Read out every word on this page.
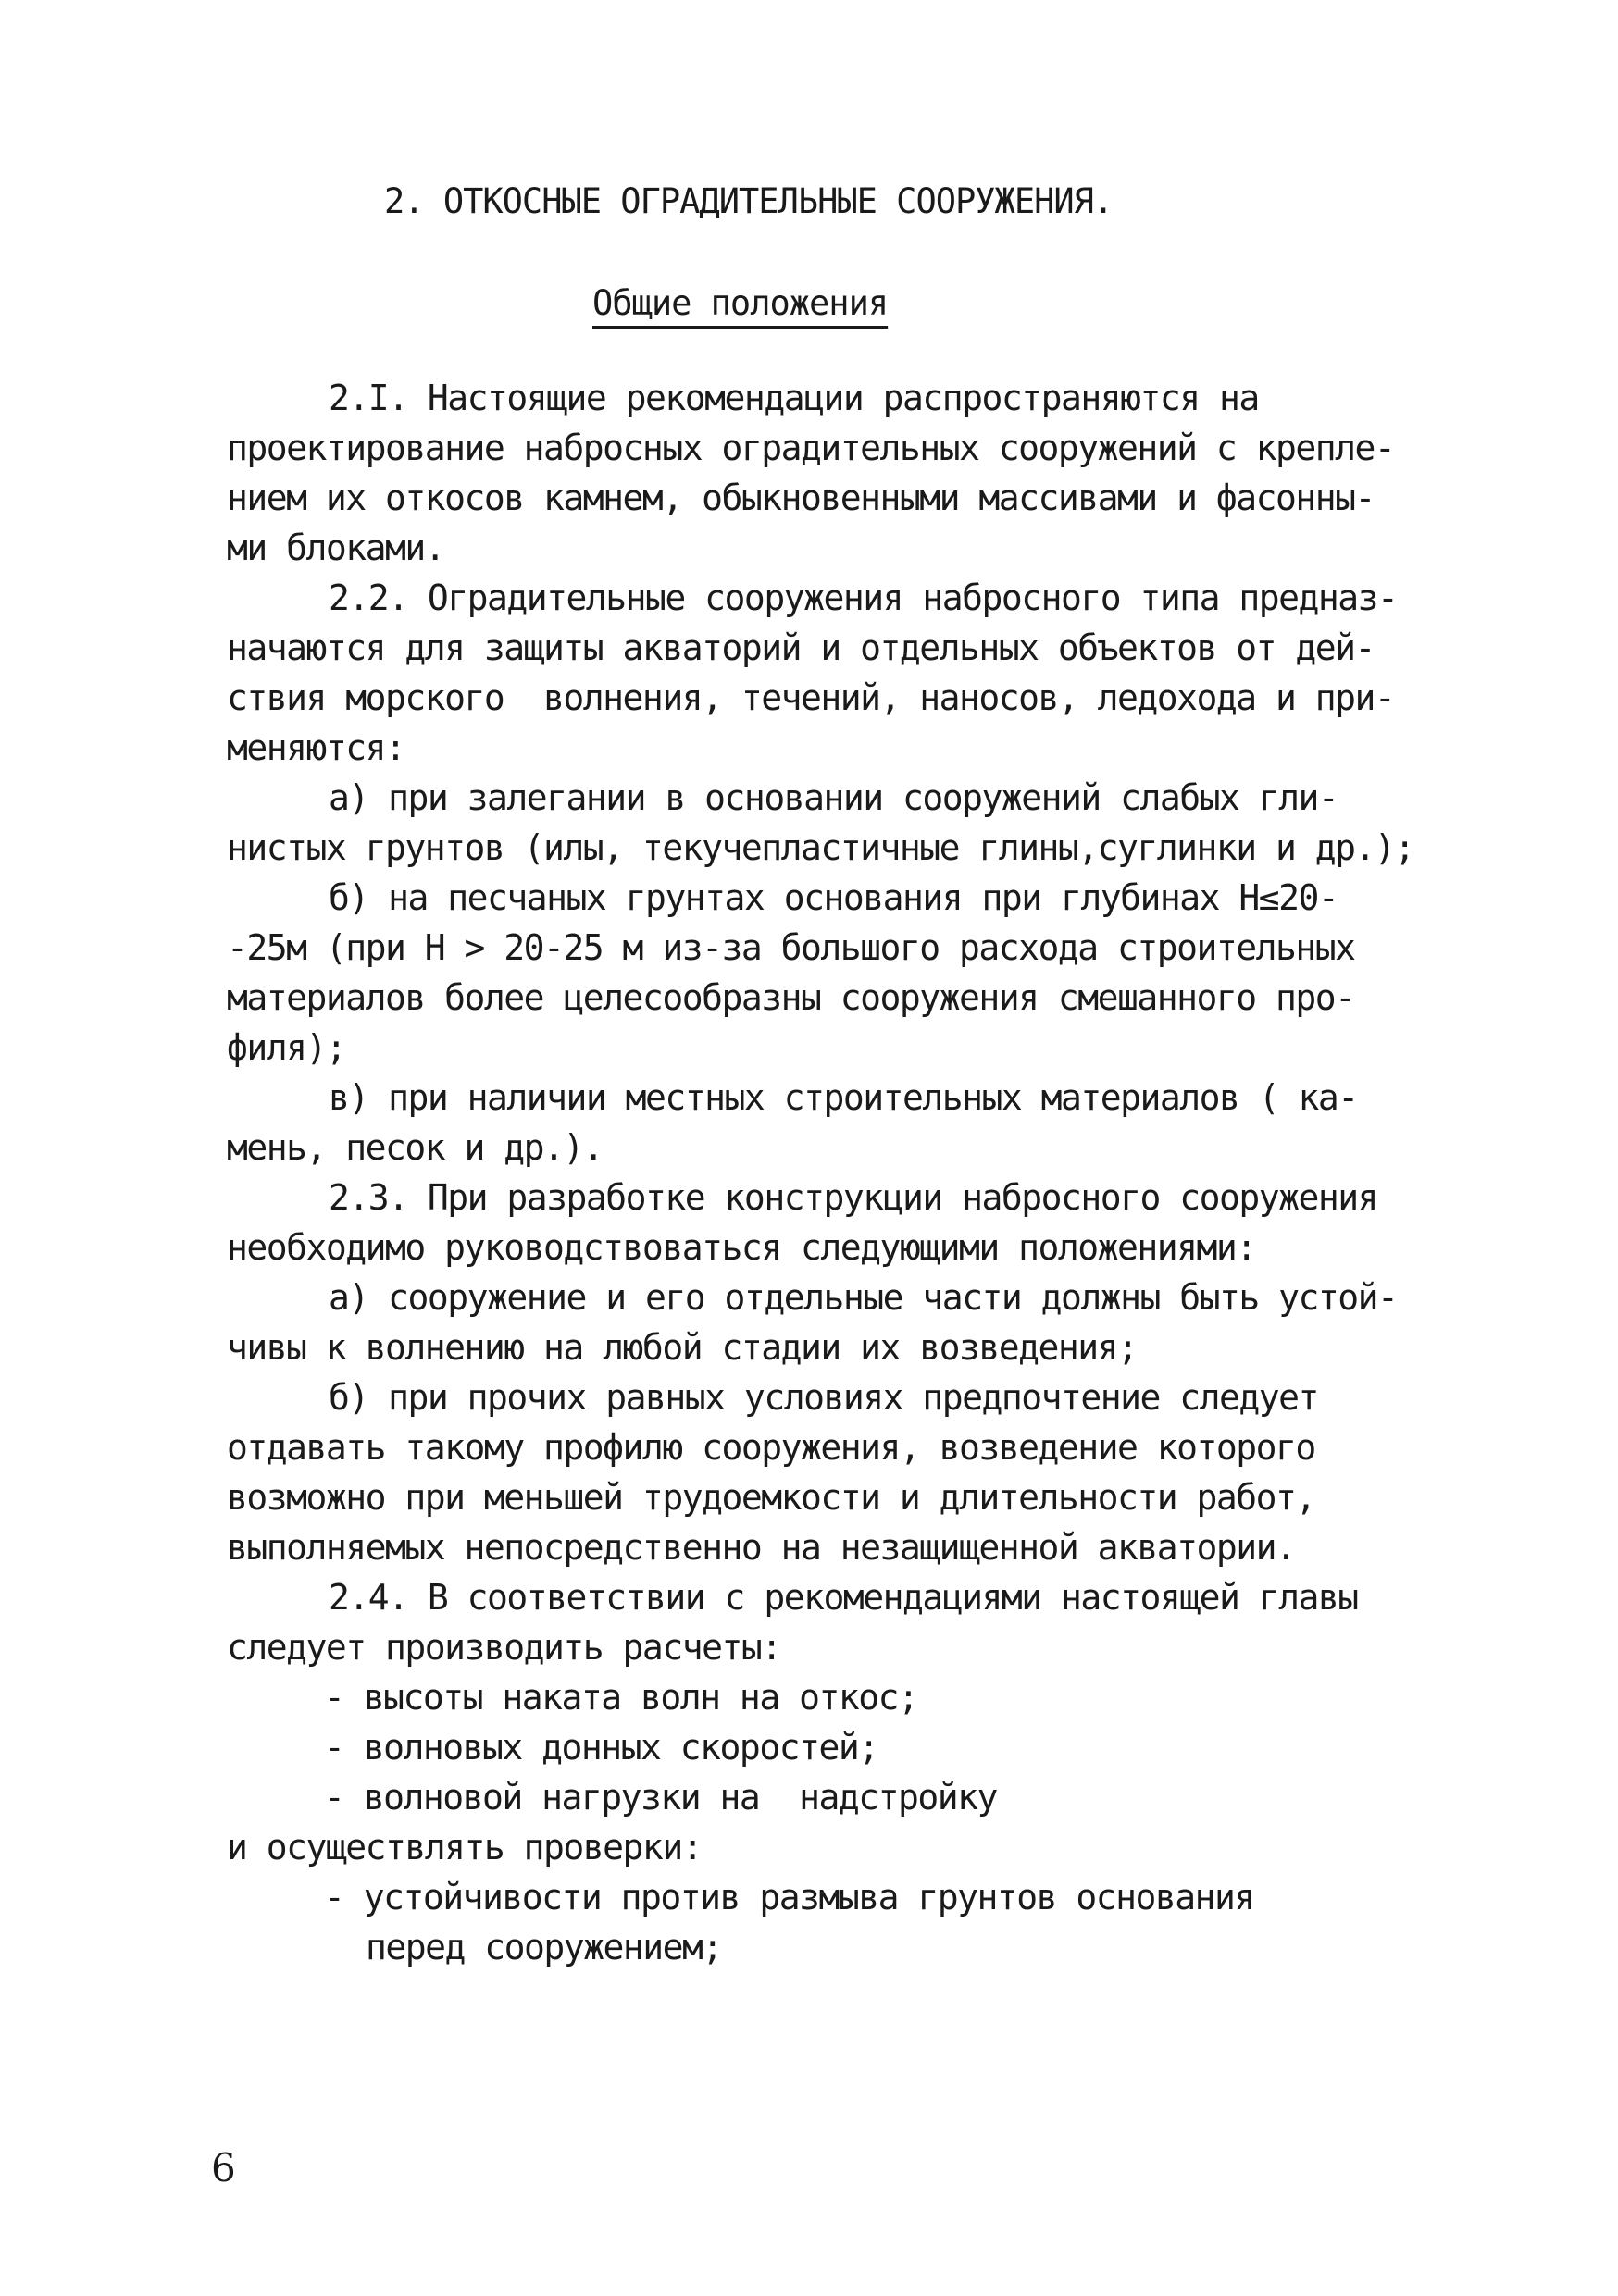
2. ОТКОСНЫЕ ОГРАДИТЕЛЬНЫЕ СООРУЖЕНИЯ.
Общие положения
2.I. Настоящие рекомендации распространяются на
проектирование набросных оградительных сооружений с крепле-
нием их откосов камнем, обыкновенными массивами и фасонны-
ми блоками.
2.2. Оградительные сооружения набросного типа предназ-
начаются для защиты акваторий и отдельных объектов от дей-
ствия морского  волнения, течений, наносов, ледохода и при-
меняются:
а) при залегании в основании сооружений слабых гли-
нистых грунтов (илы, текучепластичные глины,суглинки и др.);
б) на песчаных грунтах основания при глубинах H≤20-
-25м (при H > 20-25 м из-за большого расхода строительных
материалов более целесообразны сооружения смешанного про-
филя);
в) при наличии местных строительных материалов ( ка-
мень, песок и др.).
2.3. При разработке конструкции набросного сооружения
необходимо руководствоваться следующими положениями:
а) сооружение и его отдельные части должны быть устой-
чивы к волнению на любой стадии их возведения;
б) при прочих равных условиях предпочтение следует
отдавать такому профилю сооружения, возведение которого
возможно при меньшей трудоемкости и длительности работ,
выполняемых непосредственно на незащищенной акватории.
2.4. В соответствии с рекомендациями настоящей главы
следует производить расчеты:
- высоты наката волн на откос;
- волновых донных скоростей;
- волновой нагрузки на  надстройку
и осуществлять проверки:
- устойчивости против размыва грунтов основания
перед сооружением;
6
